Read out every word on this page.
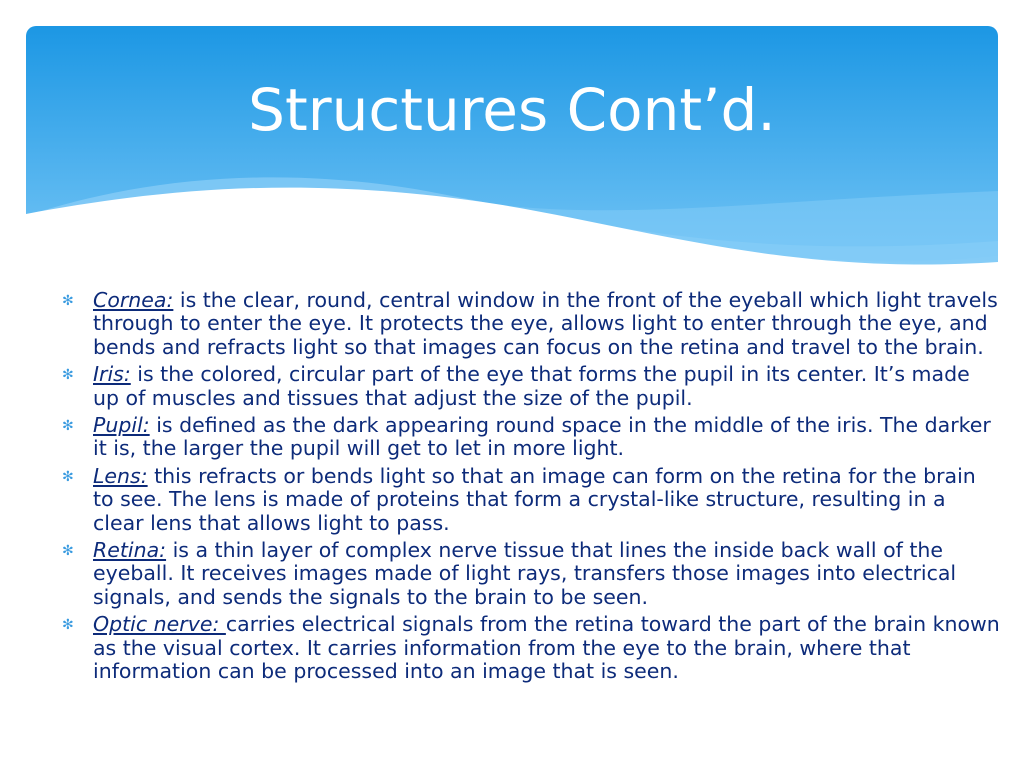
Structures Cont’d.
✻ Cornea: is the clear, round, central window in the front of the eyeball which light travels through to enter the eye. It protects the eye, allows light to enter through the eye, and bends and refracts light so that images can focus on the retina and travel to the brain.
✻ Iris: is the colored, circular part of the eye that forms the pupil in its center. It’s made up of muscles and tissues that adjust the size of the pupil.
✻ Pupil: is defined as the dark appearing round space in the middle of the iris. The darker it is, the larger the pupil will get to let in more light.
✻ Lens: this refracts or bends light so that an image can form on the retina for the brain to see. The lens is made of proteins that form a crystal-like structure, resulting in a clear lens that allows light to pass.
✻ Retina: is a thin layer of complex nerve tissue that lines the inside back wall of the eyeball. It receives images made of light rays, transfers those images into electrical signals, and sends the signals to the brain to be seen.
✻ Optic nerve: carries electrical signals from the retina toward the part of the brain known as the visual cortex. It carries information from the eye to the brain, where that information can be processed into an image that is seen.
